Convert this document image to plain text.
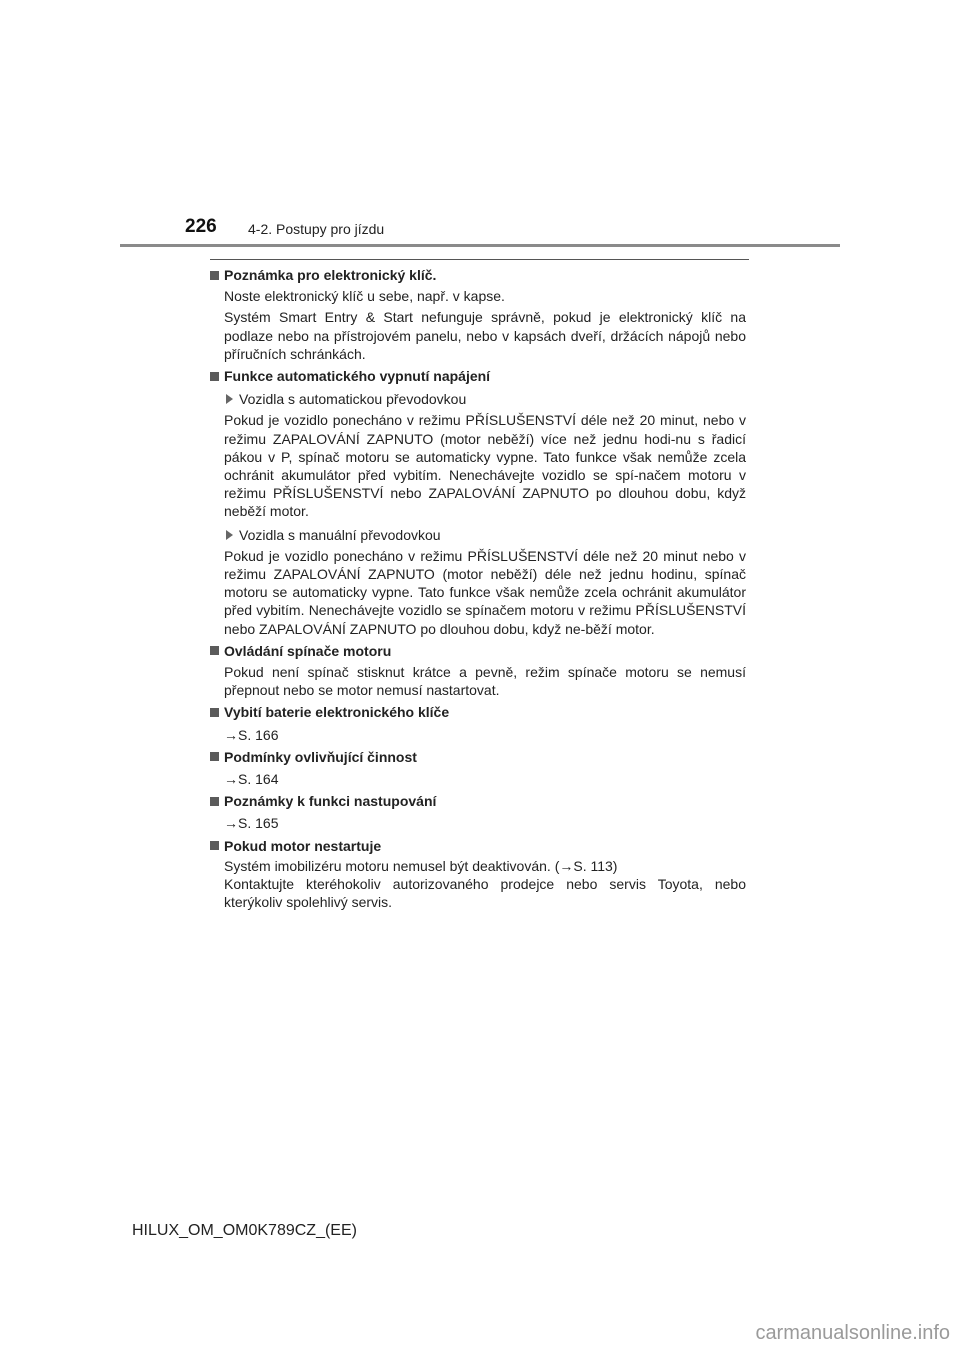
226 4-2. Postupy pro jízdu
Poznámka pro elektronický klíč.
Noste elektronický klíč u sebe, např. v kapse.
Systém Smart Entry & Start nefunguje správně, pokud je elektronický klíč na podlaze nebo na přístrojovém panelu, nebo v kapsách dveří, držácích nápojů nebo příručních schránkách.
Funkce automatického vypnutí napájení
Vozidla s automatickou převodovkou
Pokud je vozidlo ponecháno v režimu PŘÍSLUŠENSTVÍ déle než 20 minut, nebo v režimu ZAPALOVÁNÍ ZAPNUTO (motor neběží) více než jednu hodi-nu s řadicí pákou v P, spínač motoru se automaticky vypne. Tato funkce však nemůže zcela ochránit akumulátor před vybitím. Nenechávejte vozidlo se spí-načem motoru v režimu PŘÍSLUŠENSTVÍ nebo ZAPALOVÁNÍ ZAPNUTO po dlouhou dobu, když neběží motor.
Vozidla s manuální převodovkou
Pokud je vozidlo ponecháno v režimu PŘÍSLUŠENSTVÍ déle než 20 minut nebo v režimu ZAPALOVÁNÍ ZAPNUTO (motor neběží) déle než jednu hodinu, spínač motoru se automaticky vypne. Tato funkce však nemůže zcela ochránit akumulátor před vybitím. Nenechávejte vozidlo se spínačem motoru v režimu PŘÍSLUŠENSTVÍ nebo ZAPALOVÁNÍ ZAPNUTO po dlouhou dobu, když ne-běží motor.
Ovládání spínače motoru
Pokud není spínač stisknut krátce a pevně, režim spínače motoru se nemusí přepnout nebo se motor nemusí nastartovat.
Vybití baterie elektronického klíče
→S. 166
Podmínky ovlivňující činnost
→S. 164
Poznámky k funkci nastupování
→S. 165
Pokud motor nestartuje
Systém imobilizéru motoru nemusel být deaktivován. (→S. 113)
Kontaktujte kteréhokoliv autorizovaného prodejce nebo servis Toyota, nebo kterýkoliv spolehlivý servis.
HILUX_OM_OM0K789CZ_(EE)
carmanualsonline.info
